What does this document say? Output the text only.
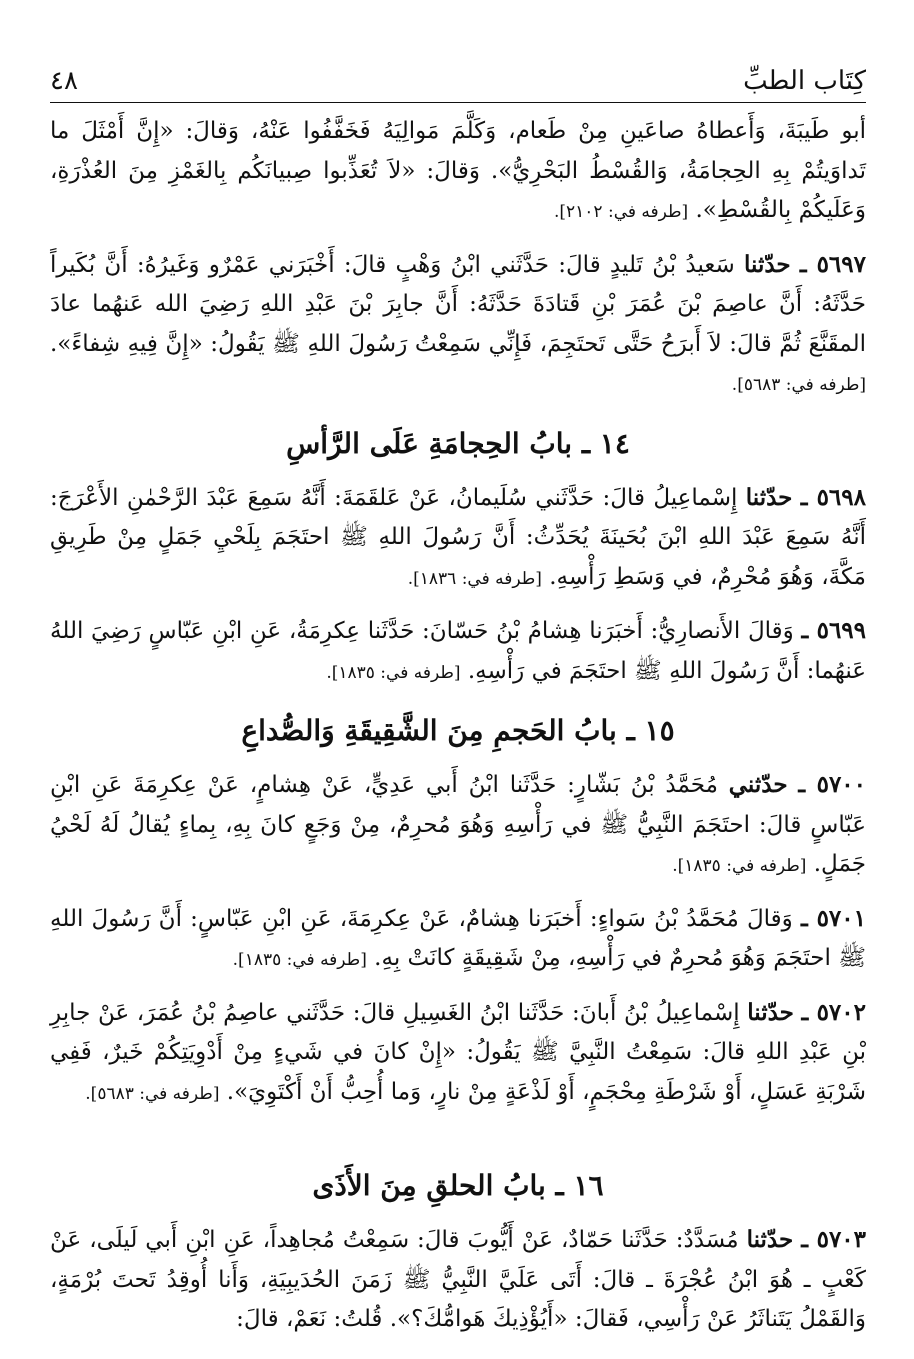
كِتَاب الطبِّ
٤٨

أبو طَيبَةَ، وَأَعطاهُ صاعَينِ مِنْ طَعام، وَكَلَّمَ مَوالِيَهُ فَخَفَّفُوا عَنْهُ، وَقالَ: «إِنَّ أَمْثَلَ ما تَداوَيتُمْ بِهِ الحِجامَةُ، وَالقُسْطُ البَحْرِيُّ». وَقالَ: «لاَ تُعَذِّبوا صِبيانَكُم بِالغَمْزِ مِنَ العُذْرَةِ، وَعَلَيكُمْ بِالقُسْطِ». [طرفه في: ٢١٠٢].

٥٦٩٧ ـ حدّثنا سَعيدُ بْنُ تَليدٍ قالَ: حَدَّثَني ابْنُ وَهْبٍ قالَ: أَخْبَرَني عَمْرٌو وَغَيرُهُ: أَنَّ بُكَيراً حَدَّثَهُ: أَنَّ عاصِمَ بْنَ عُمَرَ بْنِ قَتادَةَ حَدَّثَهُ: أَنَّ جابِرَ بْنَ عَبْدِ اللهِ رَضِيَ الله عَنهُما عادَ المقَنَّعَ ثُمَّ قالَ: لاَ أَبرَحُ حَتَّى تَحتَجِمَ، فَإِنِّي سَمِعْتُ رَسُولَ اللهِ ﷺ يَقُولُ: «إِنَّ فِيهِ شِفاءً». [طرفه في: ٥٦٨٣].

١٤ ـ بابُ الحِجامَةِ عَلَى الرَّأسِ

٥٦٩٨ ـ حدّثنا إِسْماعِيلُ قالَ: حَدَّثَني سُلَيمانُ، عَنْ عَلقَمَةَ: أَنَّهُ سَمِعَ عَبْدَ الرَّحْمٰنِ الأَعْرَجَ: أَنَّهُ سَمِعَ عَبْدَ اللهِ ابْنَ بُحَينَةَ يُحَدِّثُ: أَنَّ رَسُولَ اللهِ ﷺ احتَجَمَ بِلَحْيِ جَمَلٍ مِنْ طَرِيقِ مَكَّةَ، وَهُوَ مُحْرِمٌ، في وَسَطِ رَأْسِهِ. [طرفه في: ١٨٣٦].

٥٦٩٩ ـ وَقالَ الأَنصارِيُّ: أَخبَرَنا هِشامُ بْنُ حَسّانَ: حَدَّثَنا عِكرِمَةُ، عَنِ ابْنِ عَبّاسٍ رَضِيَ اللهُ عَنهُما: أَنَّ رَسُولَ اللهِ ﷺ احتَجَمَ في رَأْسِهِ. [طرفه في: ١٨٣٥].

١٥ ـ بابُ الحَجمِ مِنَ الشَّقِيقَةِ وَالصُّداعِ

٥٧٠٠ ـ حدّثني مُحَمَّدُ بْنُ بَشّارٍ: حَدَّثَنا ابْنُ أَبي عَدِيٍّ، عَنْ هِشامٍ، عَنْ عِكرِمَةَ عَنِ ابْنِ عَبّاسٍ قالَ: احتَجَمَ النَّبِيُّ ﷺ في رَأْسِهِ وَهُوَ مُحرِمٌ، مِنْ وَجَعٍ كانَ بِهِ، بِماءٍ يُقالُ لَهُ لَحْيُ جَمَلٍ. [طرفه في: ١٨٣٥].

٥٧٠١ ـ وَقالَ مُحَمَّدُ بْنُ سَواءٍ: أَخبَرَنا هِشامٌ، عَنْ عِكرِمَةَ، عَنِ ابْنِ عَبّاسٍ: أَنَّ رَسُولَ اللهِ ﷺ احتَجَمَ وَهُوَ مُحرِمٌ في رَأْسِهِ، مِنْ شَقِيقَةٍ كانَتْ بِهِ. [طرفه في: ١٨٣٥].

٥٧٠٢ ـ حدّثنا إِسْماعِيلُ بْنُ أَبانَ: حَدَّثَنا ابْنُ الغَسِيلِ قالَ: حَدَّثَني عاصِمُ بْنُ عُمَرَ، عَنْ جابِرِ بْنِ عَبْدِ اللهِ قالَ: سَمِعْتُ النَّبِيَّ ﷺ يَقُولُ: «إِنْ كانَ في شَيءٍ مِنْ أَدْوِيَتِكُمْ خَيرٌ، فَفِي شَرْبَةِ عَسَلٍ، أَوْ شَرْطَةِ مِحْجَمٍ، أَوْ لَذْعَةٍ مِنْ نارٍ، وَما أُحِبُّ أَنْ أَكْتَوِيَ». [طرفه في: ٥٦٨٣].

١٦ ـ بابُ الحلقِ مِنَ الأَذَى

٥٧٠٣ ـ حدّثنا مُسَدَّدٌ: حَدَّثَنا حَمّادٌ، عَنْ أَيُّوبَ قالَ: سَمِعْتُ مُجاهِداً، عَنِ ابْنِ أَبي لَيلَى، عَنْ كَعْبٍ ـ هُوَ ابْنُ عُجْرَةَ ـ قالَ: أَتَى عَلَيَّ النَّبِيُّ ﷺ زَمَنَ الحُدَيبِيَةِ، وَأَنا أُوقِدُ تَحتَ بُرْمَةٍ، وَالقَمْلُ يَتَناثَرُ عَنْ رَأْسِي، فَقالَ: «أَيُؤْذِيكَ هَوامُّكَ؟». قُلتُ: نَعَمْ، قالَ:
